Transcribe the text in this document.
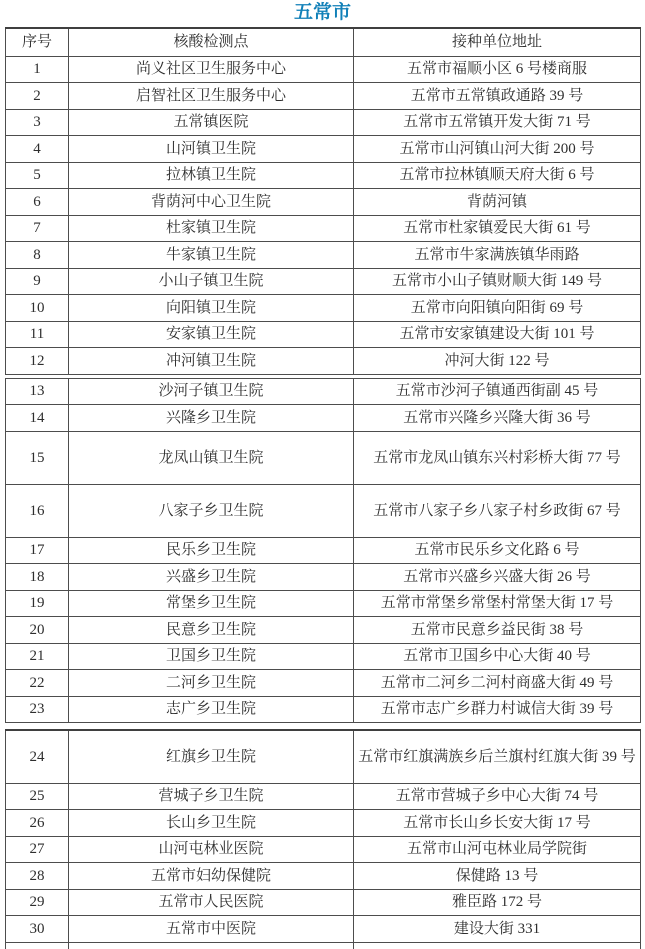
五常市
序号	核酸检测点	接种单位地址
1	尚义社区卫生服务中心	五常市福顺小区 6 号楼商服
2	启智社区卫生服务中心	五常市五常镇政通路 39 号
3	五常镇医院	五常市五常镇开发大街 71 号
4	山河镇卫生院	五常市山河镇山河大街 200 号
5	拉林镇卫生院	五常市拉林镇顺天府大街 6 号
6	背荫河中心卫生院	背荫河镇
7	杜家镇卫生院	五常市杜家镇爱民大街 61 号
8	牛家镇卫生院	五常市牛家满族镇华雨路
9	小山子镇卫生院	五常市小山子镇财顺大街 149 号
10	向阳镇卫生院	五常市向阳镇向阳街 69 号
11	安家镇卫生院	五常市安家镇建设大街 101 号
12	冲河镇卫生院	冲河大街 122 号
13	沙河子镇卫生院	五常市沙河子镇通西街副 45 号
14	兴隆乡卫生院	五常市兴隆乡兴隆大街 36 号
15	龙凤山镇卫生院	五常市龙凤山镇东兴村彩桥大街 77 号
16	八家子乡卫生院	五常市八家子乡八家子村乡政街 67 号
17	民乐乡卫生院	五常市民乐乡文化路 6 号
18	兴盛乡卫生院	五常市兴盛乡兴盛大街 26 号
19	常堡乡卫生院	五常市常堡乡常堡村常堡大街 17 号
20	民意乡卫生院	五常市民意乡益民街 38 号
21	卫国乡卫生院	五常市卫国乡中心大街 40 号
22	二河乡卫生院	五常市二河乡二河村商盛大街 49 号
23	志广乡卫生院	五常市志广乡群力村诚信大街 39 号
24	红旗乡卫生院	五常市红旗满族乡后兰旗村红旗大街 39 号
25	营城子乡卫生院	五常市营城子乡中心大街 74 号
26	长山乡卫生院	五常市长山乡长安大街 17 号
27	山河屯林业医院	五常市山河屯林业局学院街
28	五常市妇幼保健院	保健路 13 号
29	五常市人民医院	雅臣路 172 号
30	五常市中医院	建设大街 331
